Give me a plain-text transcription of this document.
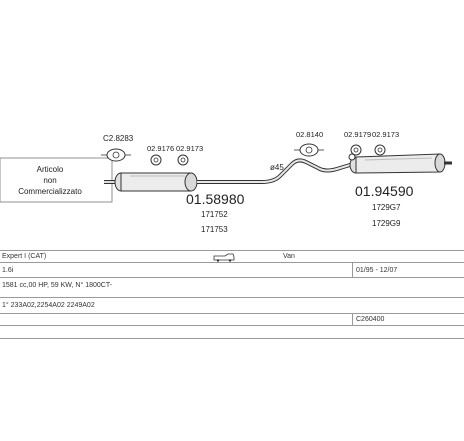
Articolo
non
Commercializzato
C2.8283
02.9176 02.9173
01.58980
171752
171753
ø45
02.8140	02.9179 02.9173
01.94590
1729G7
1729G9
Expert I (CAT)	Van
1.6i	01/95 - 12/07
1581 cc,00 HP, 59 KW, N° 1800CT-
1° 233A02,2254A02 2249A02
C260400
